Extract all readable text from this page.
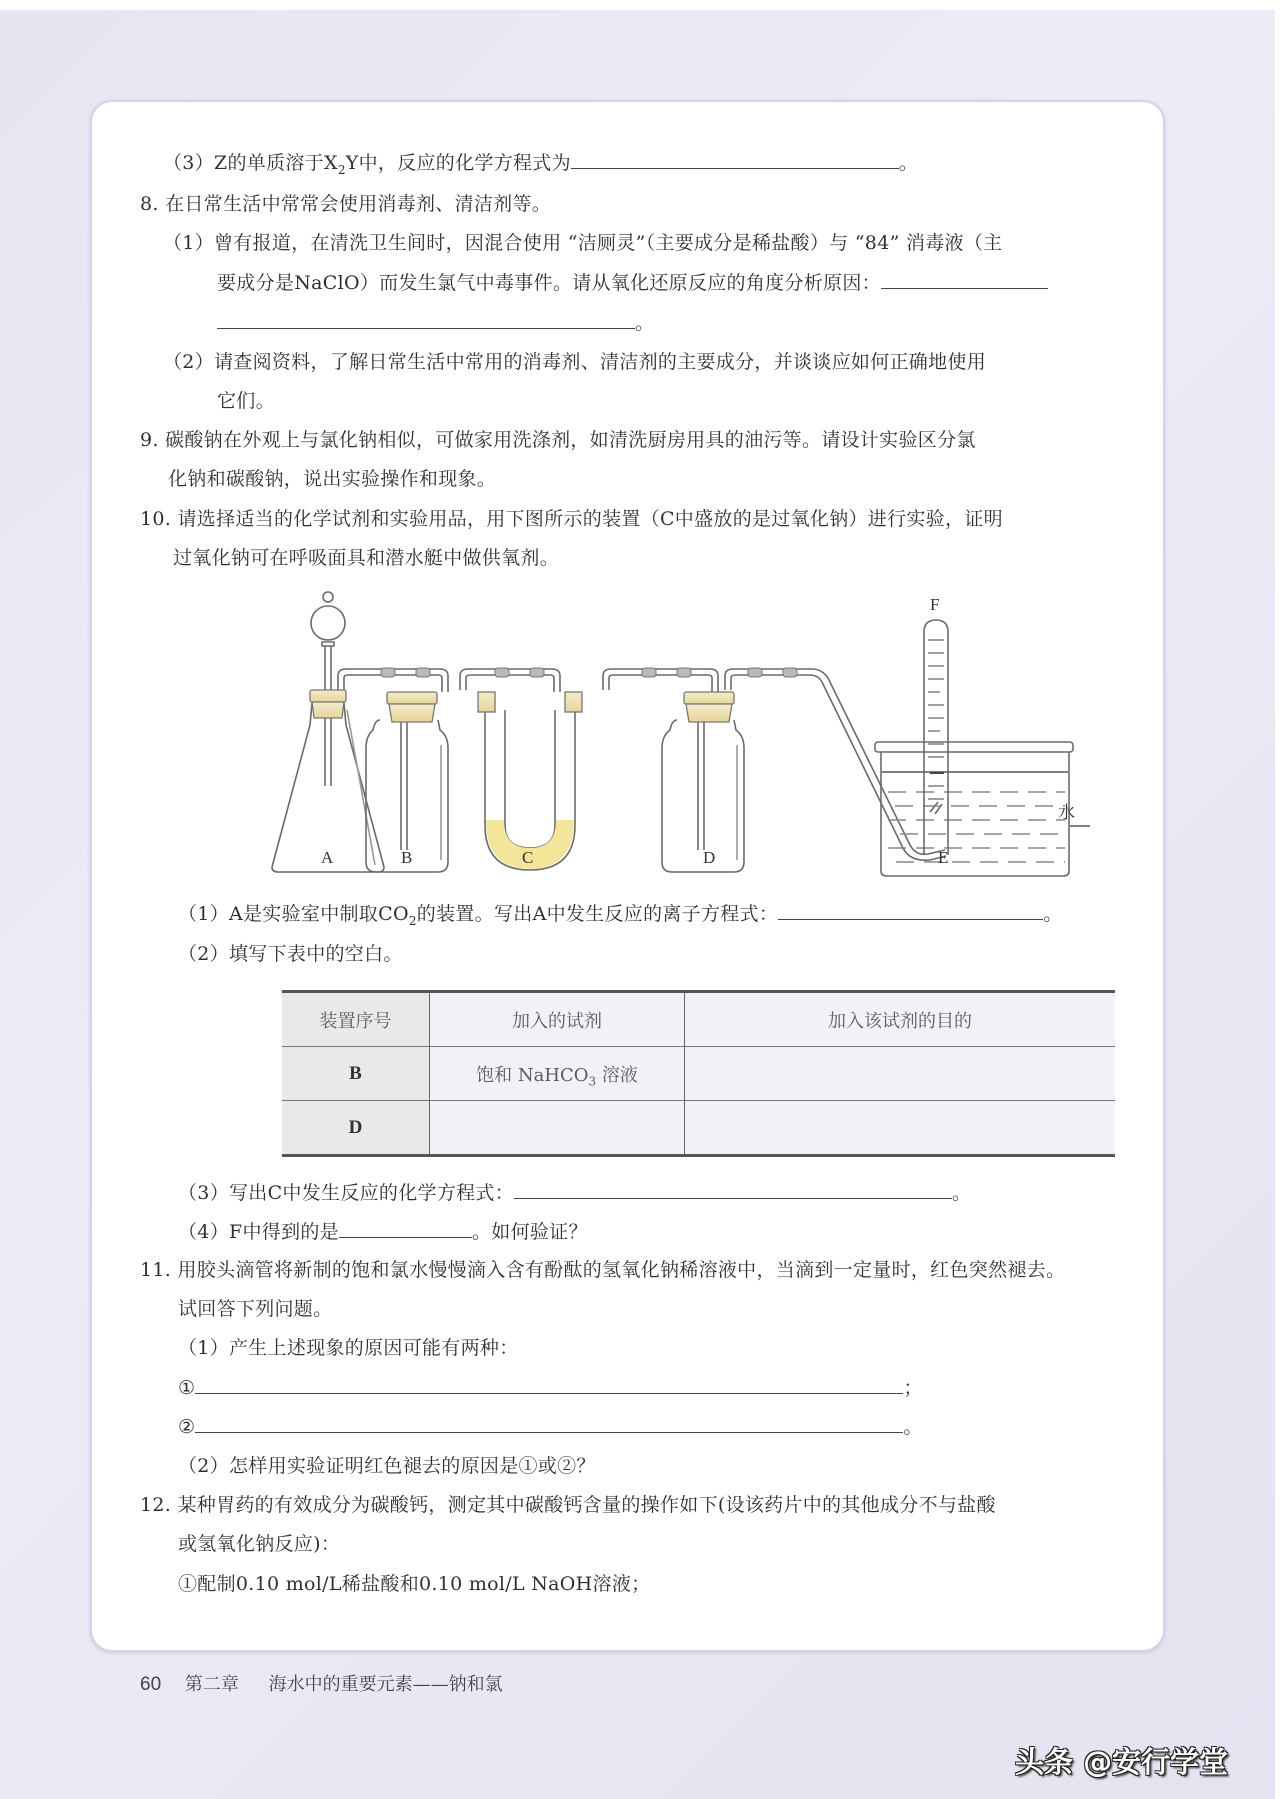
（3）Z的单质溶于$X_2Y$中，反应的化学方程式为	。
8. 在日常生活中常常会使用消毒剂、清洁剂等。
（1）曾有报道，在清洗卫生间时，因混合使用 “洁厕灵”（主要成分是稀盐酸）与 “84” 消毒液（主
要成分是NaClO）而发生氯气中毒事件。请从氧化还原反应的角度分析原因：
。
（2）请查阅资料，了解日常生活中常用的消毒剂、清洁剂的主要成分，并谈谈应如何正确地使用
它们。
9. 碳酸钠在外观上与氯化钠相似，可做家用洗涤剂，如清洗厨房用具的油污等。请设计实验区分氯
化钠和碳酸钠，说出实验操作和现象。
10. 请选择适当的化学试剂和实验用品，用下图所示的装置（C中盛放的是过氧化钠）进行实验，证明
过氧化钠可在呼吸面具和潜水艇中做供氧剂。
A	B	C	D	E
F
水
（1）A是实验室中制取$CO_2$的装置。写出A中发生反应的离子方程式：	。
（2）填写下表中的空白。
装置序号	加入的试剂	加入该试剂的目的
B	饱和 NaHCO$_3$ 溶液	
D		
（3）写出C中发生反应的化学方程式：	。
（4）F中得到的是	。如何验证？
11. 用胶头滴管将新制的饱和氯水慢慢滴入含有酚酞的氢氧化钠稀溶液中，当滴到一定量时，红色突然褪去。
试回答下列问题。
（1）产生上述现象的原因可能有两种：
①	；
②	。
（2）怎样用实验证明红色褪去的原因是①或②？
12. 某种胃药的有效成分为碳酸钙，测定其中碳酸钙含量的操作如下(设该药片中的其他成分不与盐酸
或氢氧化钠反应)：
①配制0.10 mol/L稀盐酸和0.10 mol/L NaOH溶液；
60 第二章 海水中的重要元素——钠和氯
头条 @安行学堂
